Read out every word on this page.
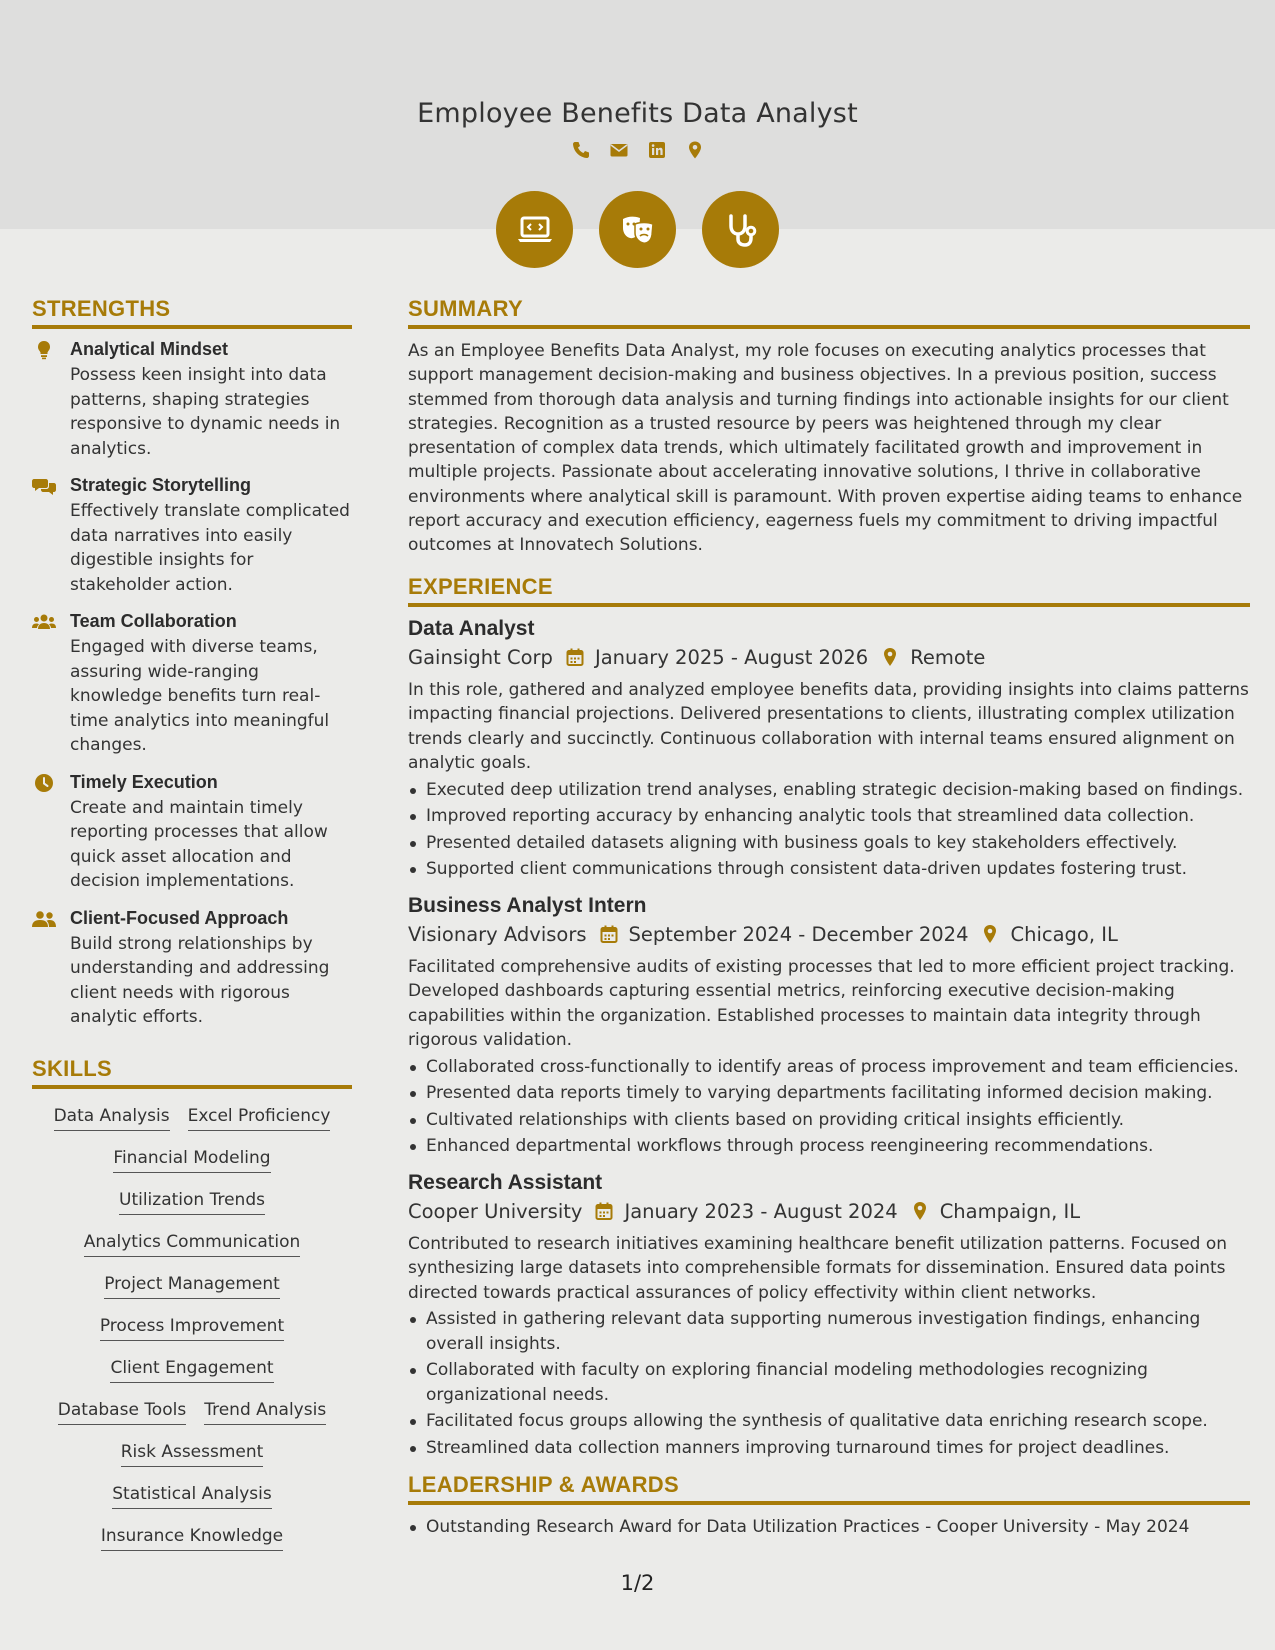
Employee Benefits Data Analyst
STRENGTHS
Analytical Mindset
Possess keen insight into data patterns, shaping strategies responsive to dynamic needs in analytics.
Strategic Storytelling
Effectively translate complicated data narratives into easily digestible insights for stakeholder action.
Team Collaboration
Engaged with diverse teams, assuring wide-ranging knowledge benefits turn real-time analytics into meaningful changes.
Timely Execution
Create and maintain timely reporting processes that allow quick asset allocation and decision implementations.
Client-Focused Approach
Build strong relationships by understanding and addressing client needs with rigorous analytic efforts.
SKILLS
Data Analysis Excel Proficiency
Financial Modeling
Utilization Trends
Analytics Communication
Project Management
Process Improvement
Client Engagement
Database Tools Trend Analysis
Risk Assessment
Statistical Analysis
Insurance Knowledge
SUMMARY
As an Employee Benefits Data Analyst, my role focuses on executing analytics processes that support management decision-making and business objectives. In a previous position, success stemmed from thorough data analysis and turning findings into actionable insights for our client strategies. Recognition as a trusted resource by peers was heightened through my clear presentation of complex data trends, which ultimately facilitated growth and improvement in multiple projects. Passionate about accelerating innovative solutions, I thrive in collaborative environments where analytical skill is paramount. With proven expertise aiding teams to enhance report accuracy and execution efficiency, eagerness fuels my commitment to driving impactful outcomes at Innovatech Solutions.
EXPERIENCE
Data Analyst
Gainsight Corp January 2025 - August 2026 Remote
In this role, gathered and analyzed employee benefits data, providing insights into claims patterns impacting financial projections. Delivered presentations to clients, illustrating complex utilization trends clearly and succinctly. Continuous collaboration with internal teams ensured alignment on analytic goals.
Executed deep utilization trend analyses, enabling strategic decision-making based on findings.
Improved reporting accuracy by enhancing analytic tools that streamlined data collection.
Presented detailed datasets aligning with business goals to key stakeholders effectively.
Supported client communications through consistent data-driven updates fostering trust.
Business Analyst Intern
Visionary Advisors September 2024 - December 2024 Chicago, IL
Facilitated comprehensive audits of existing processes that led to more efficient project tracking. Developed dashboards capturing essential metrics, reinforcing executive decision-making capabilities within the organization. Established processes to maintain data integrity through rigorous validation.
Collaborated cross-functionally to identify areas of process improvement and team efficiencies.
Presented data reports timely to varying departments facilitating informed decision making.
Cultivated relationships with clients based on providing critical insights efficiently.
Enhanced departmental workflows through process reengineering recommendations.
Research Assistant
Cooper University January 2023 - August 2024 Champaign, IL
Contributed to research initiatives examining healthcare benefit utilization patterns. Focused on synthesizing large datasets into comprehensible formats for dissemination. Ensured data points directed towards practical assurances of policy effectivity within client networks.
Assisted in gathering relevant data supporting numerous investigation findings, enhancing overall insights.
Collaborated with faculty on exploring financial modeling methodologies recognizing organizational needs.
Facilitated focus groups allowing the synthesis of qualitative data enriching research scope.
Streamlined data collection manners improving turnaround times for project deadlines.
LEADERSHIP & AWARDS
Outstanding Research Award for Data Utilization Practices - Cooper University - May 2024
1/2
